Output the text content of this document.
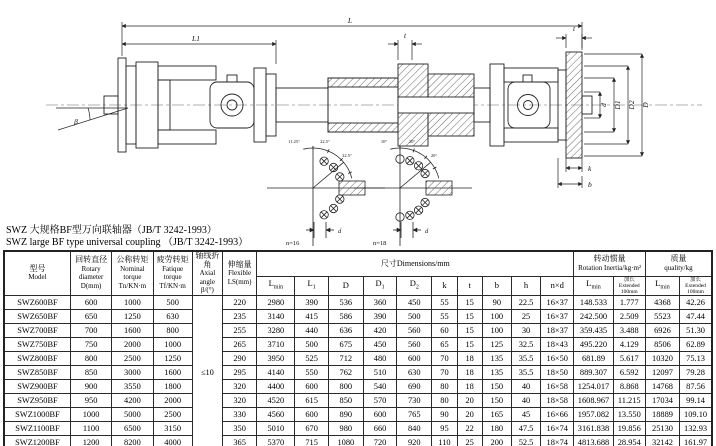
L
L1	t
t
β
d D1 D2 D
k
b
11.25°	22.5°
22.5°
d
n=16
10°	20°
20°
d
n=18
SWZ 大规格BF型万向联轴器（JB/T 3242-1993）
SWZ large BF type universal coupling （JB/T 3242-1993）
型号
Model

回转直径
Rotary
diameter
D(mm)

公称转矩
Nominal
torque
Tn/KN·m

疲劳转矩
Fatique
torque
Tf/KN·m

轴线折角
Axial angle
β/(°)

伸缩量
Flexible
LS(mm)

尺寸Dimensions/mm	转动惯量
Rotation Inertia/kg·m²

质量
quality/kg

$L_{min}$	$L_1$	D	$D_1$	$D_2$	k	t	b	h	n×d	$L_{min}$	
加长
Extended
100mm
	$L_{min}$	
加长
Extended
100mm

SWZ600BF	600	1000	500	≤10	220	2980	390	536	360	450	55	15	90	22.5	16×37	148.533	1.777	4368	42.26
SWZ650BF	650	1250	630		235	3140	415	586	390	500	55	15	100	25	16×37	242.500	2.509	5523	47.44
SWZ700BF	700	1600	800		255	3280	440	636	420	560	60	15	100	30	18×37	359.435	3.488	6926	51.30
SWZ750BF	750	2000	1000		265	3710	500	675	450	560	65	15	125	32.5	18×43	495.220	4.129	8506	62.89
SWZ800BF	800	2500	1250		290	3950	525	712	480	600	70	18	135	35.5	16×50	681.89	5.617	10320	75.13
SWZ850BF	850	3000	1600		295	4140	550	762	510	630	70	18	135	35.5	18×50	889.307	6.592	12097	79.28
SWZ900BF	900	3550	1800		320	4400	600	800	540	690	80	18	150	40	16×58	1254.017	8.868	14768	87.56
SWZ950BF	950	4200	2000		320	4520	615	850	570	730	80	20	150	40	18×58	1608.967	11.215	17034	99.14
SWZ1000BF	1000	5000	2500		330	4560	600	890	600	765	90	20	165	45	16×66	1957.082	13.550	18889	109.10
SWZ1100BF	1100	6500	3150		350	5010	670	980	660	840	95	22	180	47.5	16×74	3161.838	19.856	25130	132.93
SWZ1200BF	1200	8200	4000		365	5370	715	1080	720	920	110	25	200	52.5	18×74	4813.688	28.954	32142	161.97
